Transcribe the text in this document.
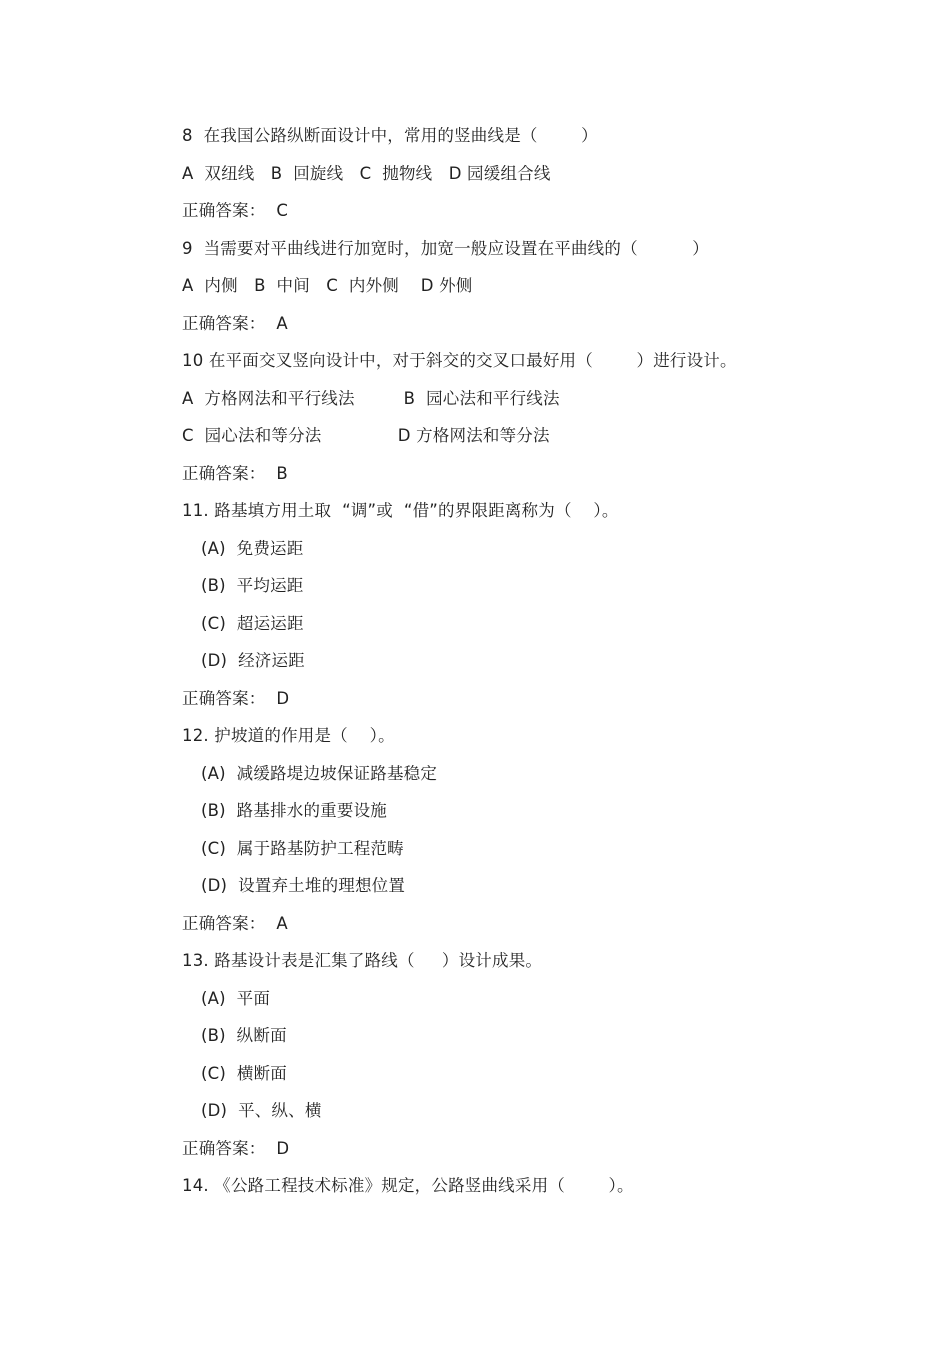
8  在我国公路纵断面设计中，常用的竖曲线是（        ）
A  双纽线   B  回旋线   C  抛物线   D 园缓组合线
正确答案：  C
9  当需要对平曲线进行加宽时，加宽一般应设置在平曲线的（          ）
A  内侧   B  中间   C  内外侧    D 外侧
正确答案：  A
10 在平面交叉竖向设计中，对于斜交的交叉口最好用（        ）进行设计。
A  方格网法和平行线法         B  园心法和平行线法
C  园心法和等分法              D 方格网法和等分法
正确答案：  B
11. 路基填方用土取  “调”或  “借”的界限距离称为（    ）。
(A)  免费运距
(B)  平均运距
(C)  超运运距
(D)  经济运距
正确答案：  D
12. 护坡道的作用是（    ）。
(A)  减缓路堤边坡保证路基稳定
(B)  路基排水的重要设施
(C)  属于路基防护工程范畴
(D)  设置弃土堆的理想位置
正确答案：  A
13. 路基设计表是汇集了路线（     ）设计成果。
(A)  平面
(B)  纵断面
(C)  横断面
(D)  平、纵、横
正确答案：  D
14. 《公路工程技术标准》规定，公路竖曲线采用（        ）。
